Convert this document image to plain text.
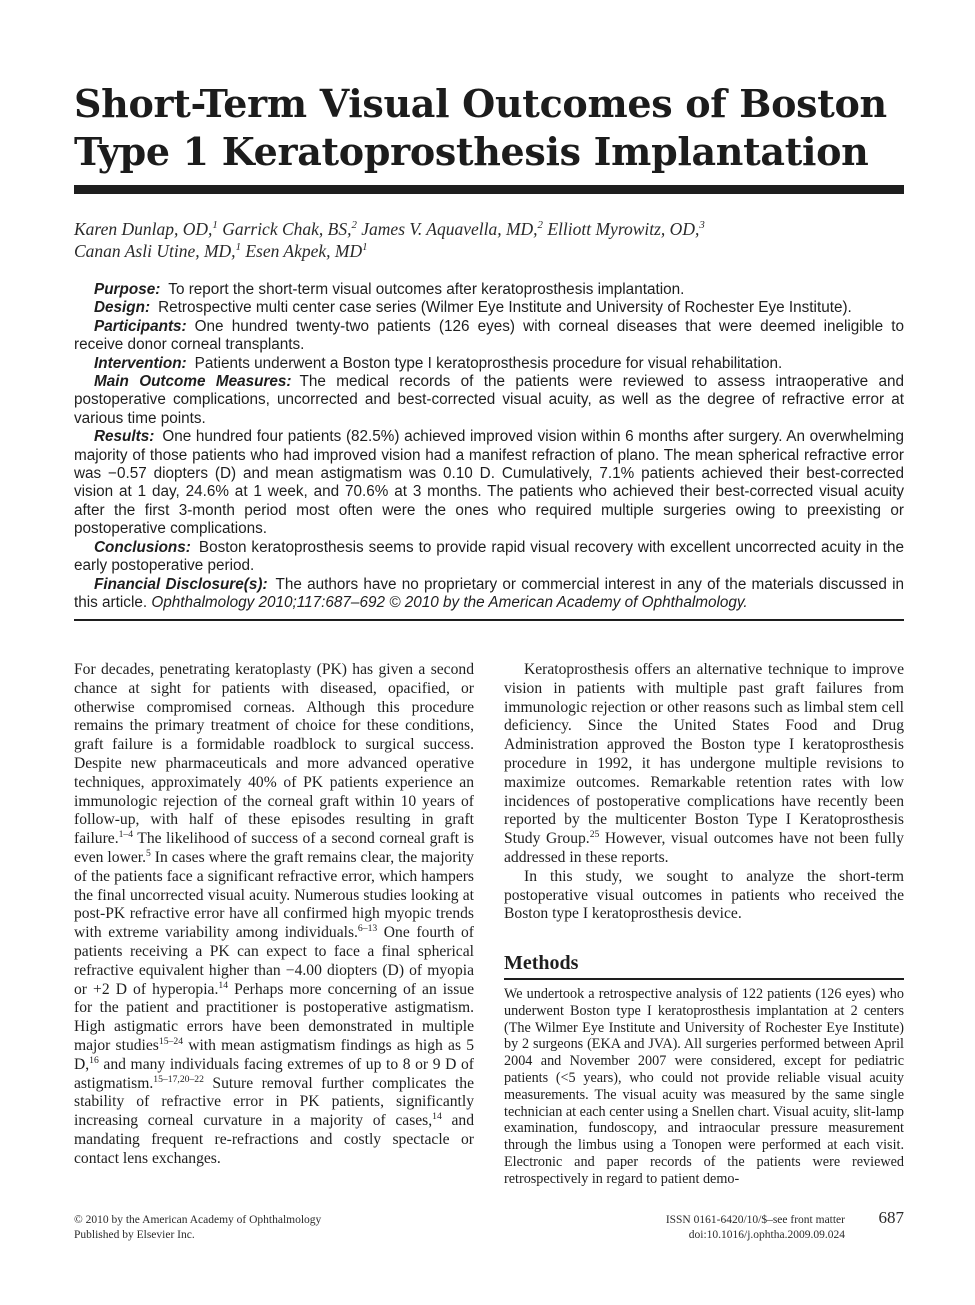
Short-Term Visual Outcomes of Boston
Type 1 Keratoprosthesis Implantation
Karen Dunlap, OD,$^1$ Garrick Chak, BS,$^2$ James V. Aquavella, MD,$^2$ Elliott Myrowitz, OD,$^3$
Canan Asli Utine, MD,$^1$ Esen Akpek, $MD^1$

Purpose: To report the short-term visual outcomes after keratoprosthesis implantation.

Design: Retrospective multi center case series (Wilmer Eye Institute and University of Rochester Eye Institute).

Participants: One hundred twenty-two patients (126 eyes) with corneal diseases that were deemed ineligible to receive donor corneal transplants.

Intervention: Patients underwent a Boston type I keratoprosthesis procedure for visual rehabilitation.

Main Outcome Measures: The medical records of the patients were reviewed to assess intraoperative and postoperative complications, uncorrected and best-corrected visual acuity, as well as the degree of refractive error at various time points.

Results: One hundred four patients (82.5%) achieved improved vision within 6 months after surgery. An overwhelming majority of those patients who had improved vision had a manifest refraction of plano. The mean spherical refractive error was −0.57 diopters (D) and mean astigmatism was 0.10 D. Cumulatively, 7.1% patients achieved their best-corrected vision at 1 day, 24.6% at 1 week, and 70.6% at 3 months. The patients who achieved their best-corrected visual acuity after the first 3-month period most often were the ones who required multiple surgeries owing to preexisting or postoperative complications.

Conclusions: Boston keratoprosthesis seems to provide rapid visual recovery with excellent uncorrected acuity in the early postoperative period.

Financial Disclosure(s): The authors have no proprietary or commercial interest in any of the materials discussed in this article. Ophthalmology 2010;117:687–692 © 2010 by the American Academy of Ophthalmology.

For decades, penetrating keratoplasty (PK) has given a second chance at sight for patients with diseased, opacified, or otherwise compromised corneas. Although this procedure remains the primary treatment of choice for these conditions, graft failure is a formidable roadblock to surgical success. Despite new pharmaceuticals and more advanced operative techniques, approximately 40% of PK patients experience an immunologic rejection of the corneal graft within 10 years of follow-up, with half of these episodes resulting in graft failure.$^{1-4}$ The likelihood of success of a second corneal graft is even lower.$^5$ In cases where the graft remains clear, the majority of the patients face a significant refractive error, which hampers the final uncorrected visual acuity. Numerous studies looking at post-PK refractive error have all confirmed high myopic trends with extreme variability among individuals.$^{6-13}$ One fourth of patients receiving a PK can expect to face a final spherical refractive equivalent higher than −4.00 diopters (D) of myopia or +2 D of hyperopia.$^{14}$ Perhaps more concerning of an issue for the patient and practitioner is postoperative astigmatism. High astigmatic errors have been demonstrated in multiple major studies$^{15-24}$ with mean astigmatism findings as high as 5 D,$^{16}$ and many individuals facing extremes of up to 8 or 9 D of astigmatism.$^{15-17,20-22}$ Suture removal further complicates the stability of refractive error in PK patients, significantly increasing corneal curvature in a majority of cases,$^{14}$ and mandating frequent re-refractions and costly spectacle or contact lens exchanges.

Keratoprosthesis offers an alternative technique to improve vision in patients with multiple past graft failures from immunologic rejection or other reasons such as limbal stem cell deficiency. Since the United States Food and Drug Administration approved the Boston type I keratoprosthesis procedure in 1992, it has undergone multiple revisions to maximize outcomes. Remarkable retention rates with low incidences of postoperative complications have recently been reported by the multicenter Boston Type I Keratoprosthesis Study Group.$^{25}$ However, visual outcomes have not been fully addressed in these reports.

In this study, we sought to analyze the short-term postoperative visual outcomes in patients who received the Boston type I keratoprosthesis device.

Methods

We undertook a retrospective analysis of 122 patients (126 eyes) who underwent Boston type I keratoprosthesis implantation at 2 centers (The Wilmer Eye Institute and University of Rochester Eye Institute) by 2 surgeons (EKA and JVA). All surgeries performed between April 2004 and November 2007 were considered, except for pediatric patients (<5 years), who could not provide reliable visual acuity measurements. The visual acuity was measured by the same single technician at each center using a Snellen chart. Visual acuity, slit-lamp examination, fundoscopy, and intraocular pressure measurement through the limbus using a Tonopen were performed at each visit. Electronic and paper records of the patients were reviewed retrospectively in regard to patient demo-

© 2010 by the American Academy of Ophthalmology
Published by Elsevier Inc.
ISSN 0161-6420/10/$–see front matter
doi:10.1016/j.ophtha.2009.09.024
687
